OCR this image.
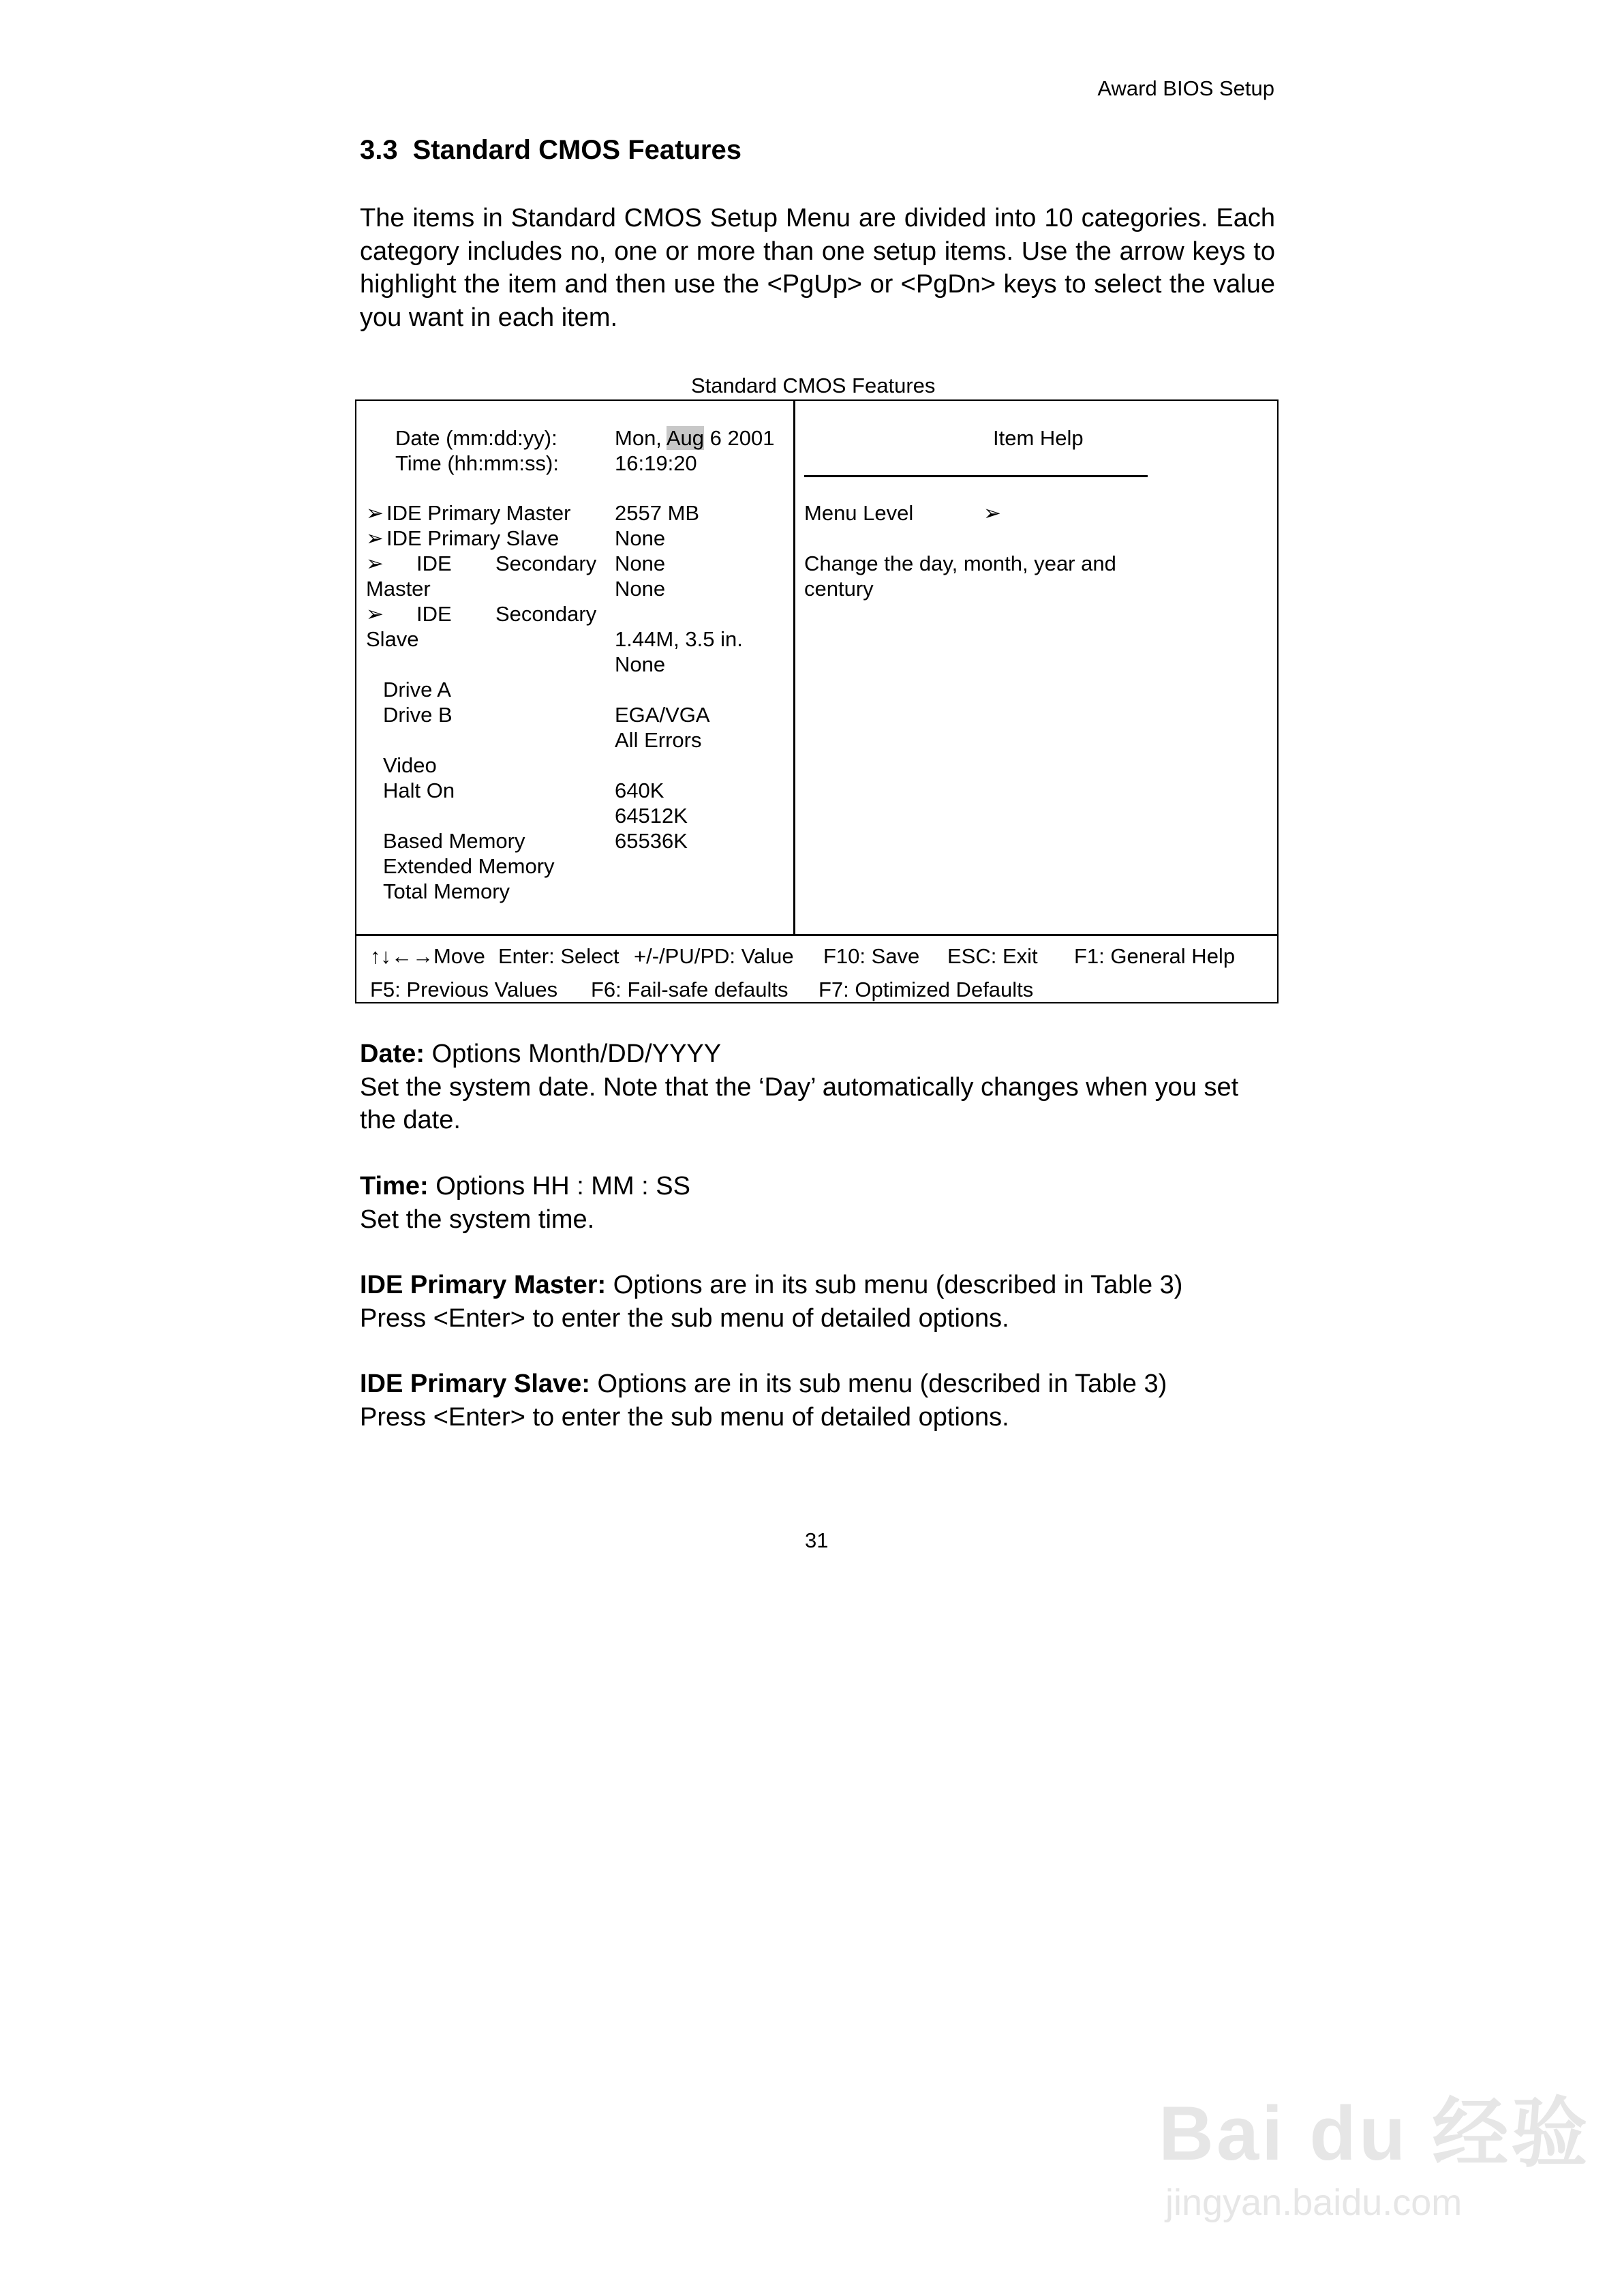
Award BIOS Setup
3.3 Standard CMOS Features
The items in Standard CMOS Setup Menu are divided into 10 categories. Each category includes no, one or more than one setup items. Use the arrow keys to highlight the item and then use the <PgUp> or <PgDn> keys to select the value you want in each item.
Standard CMOS Features
Date (mm:dd:yy):
Time (hh:mm:ss):
➢ IDE Primary Master
➢ IDE Primary Slave
➢ IDE Secondary
Master
➢ IDE Secondary
Slave
Drive A
Drive B
Video
Halt On
Based Memory
Extended Memory
Total Memory
Mon, Aug 6 2001
16:19:20
2557 MB
None
None
None
1.44M, 3.5 in.
None
EGA/VGA
All Errors
640K
64512K
65536K
Item Help
Menu Level	➢
Change the day, month, year and
century
↑↓←→Move Enter: Select +/-/PU/PD: Value F10: Save ESC: Exit F1: General Help
F5: Previous Values F6: Fail-safe defaults F7: Optimized Defaults
Date: Options Month/DD/YYYY
Set the system date. Note that the ‘Day’ automatically changes when you set the date.
Time: Options HH : MM : SS
Set the system time.
IDE Primary Master: Options are in its sub menu (described in Table 3)
Press <Enter> to enter the sub menu of detailed options.
IDE Primary Slave: Options are in its sub menu (described in Table 3)
Press <Enter> to enter the sub menu of detailed options.
31
Bai du 经验
jingyan.baidu.com
